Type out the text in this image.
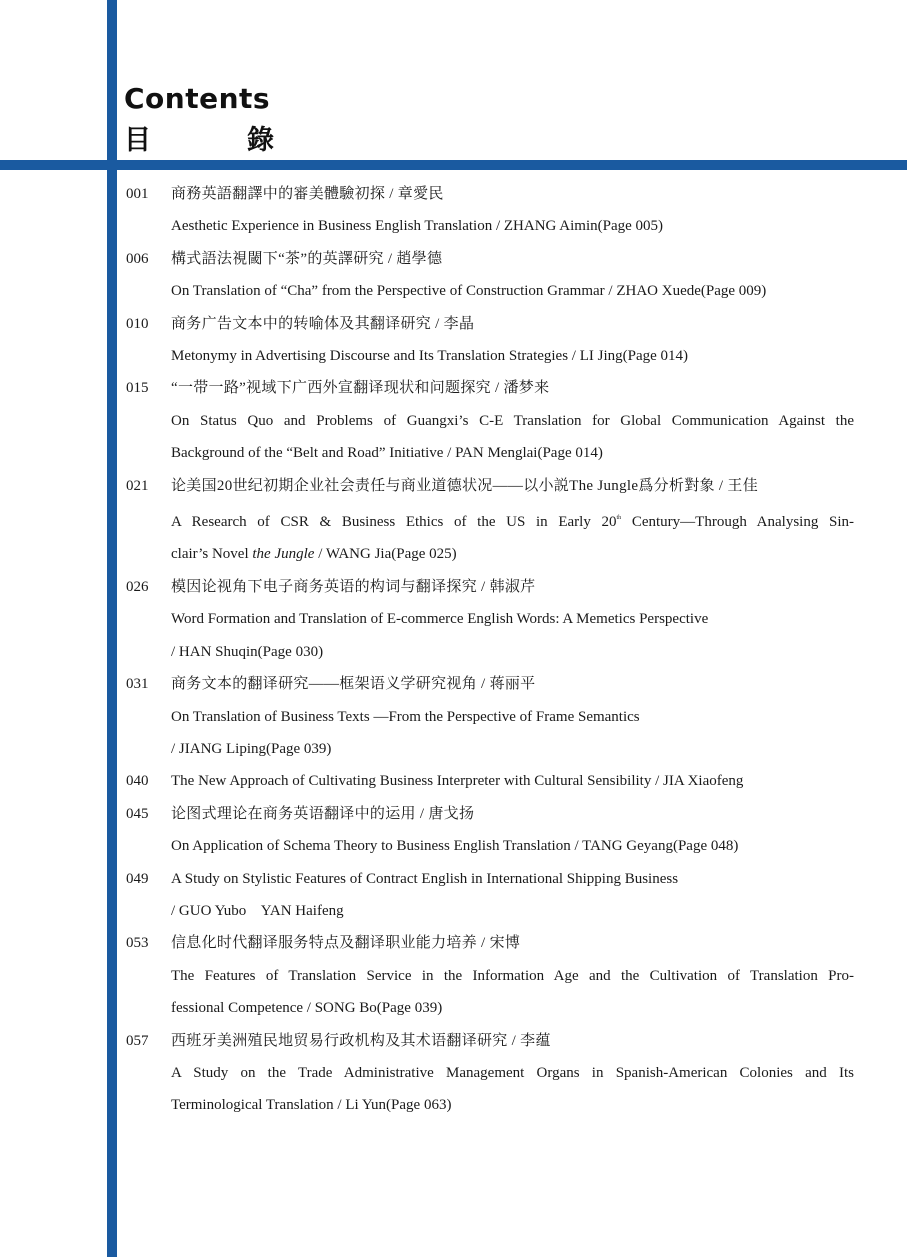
Contents
目	錄
001	商務英語翻譯中的審美體驗初探 / 章愛民
Aesthetic Experience in Business English Translation / ZHANG Aimin(Page 005)
006	構式語法視閾下“茶”的英譯研究 / 趙學德
On Translation of “Cha” from the Perspective of Construction Grammar / ZHAO Xuede(Page 009)
010	商务广告文本中的转喻体及其翻译研究 / 李晶
Metonymy in Advertising Discourse and Its Translation Strategies / LI Jing(Page 014)
015	“一带一路”视域下广西外宣翻译现状和问题探究 / 潘梦来
On Status Quo and Problems of Guangxi’s C-E Translation for Global Communication Against the
Background of the “Belt and Road” Initiative / PAN Menglai(Page 014)
021	论美国20世纪初期企业社会责任与商业道德状况——以小説The Jungle爲分析對象 / 王佳
A Research of CSR & Business Ethics of the US in Early 20th Century—Through Analysing Sin-
clair’s Novel the Jungle / WANG Jia(Page 025)
026	模因论视角下电子商务英语的构词与翻译探究 / 韩淑芹
Word Formation and Translation of E-commerce English Words: A Memetics Perspective
/ HAN Shuqin(Page 030)
031	商务文本的翻译研究——框架语义学研究视角 / 蒋丽平
On Translation of Business Texts —From the Perspective of Frame Semantics
/ JIANG Liping(Page 039)
040	The New Approach of Cultivating Business Interpreter with Cultural Sensibility / JIA Xiaofeng
045	论图式理论在商务英语翻译中的运用 / 唐戈扬
On Application of Schema Theory to Business English Translation / TANG Geyang(Page 048)
049	A Study on Stylistic Features of Contract English in International Shipping Business
/ GUO Yubo    YAN Haifeng
053	信息化时代翻译服务特点及翻译职业能力培养 / 宋博
The Features of Translation Service in the Information Age and the Cultivation of Translation Pro-
fessional Competence / SONG Bo(Page 039)
057	西班牙美洲殖民地贸易行政机构及其术语翻译研究 / 李蕴
A Study on the Trade Administrative Management Organs in Spanish-American Colonies and Its
Terminological Translation / Li Yun(Page 063)
